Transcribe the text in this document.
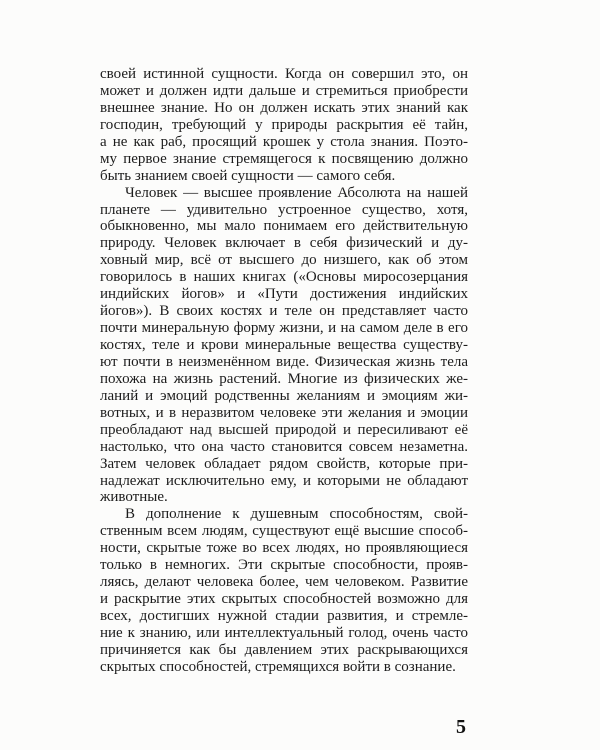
своей истинной сущности. Когда он совершил это, он
может и должен идти дальше и стремиться приобрести
внешнее знание. Но он должен искать этих знаний как
господин, требующий у природы раскрытия её тайн,
а не как раб, просящий крошек у стола знания. Поэто-
му первое знание стремящегося к посвящению должно
быть знанием своей сущности — самого себя.
Человек — высшее проявление Абсолюта на нашей
планете — удивительно устроенное существо, хотя,
обыкновенно, мы мало понимаем его действительную
природу. Человек включает в себя физический и ду-
ховный мир, всё от высшего до низшего, как об этом
говорилось в наших книгах («Основы миросозерцания
индийских йогов» и «Пути достижения индийских
йогов»). В своих костях и теле он представляет часто
почти минеральную форму жизни, и на самом деле в его
костях, теле и крови минеральные вещества существу-
ют почти в неизменённом виде. Физическая жизнь тела
похожа на жизнь растений. Многие из физических же-
ланий и эмоций родственны желаниям и эмоциям жи-
вотных, и в неразвитом человеке эти желания и эмоции
преобладают над высшей природой и пересиливают её
настолько, что она часто становится совсем незаметна.
Затем человек обладает рядом свойств, которые при-
надлежат исключительно ему, и которыми не обладают
животные.
В дополнение к душевным способностям, свой-
ственным всем людям, существуют ещё высшие способ-
ности, скрытые тоже во всех людях, но проявляющиеся
только в немногих. Эти скрытые способности, прояв-
ляясь, делают человека более, чем человеком. Развитие
и раскрытие этих скрытых способностей возможно для
всех, достигших нужной стадии развития, и стремле-
ние к знанию, или интеллектуальный голод, очень часто
причиняется как бы давлением этих раскрывающихся
скрытых способностей, стремящихся войти в сознание.
5
